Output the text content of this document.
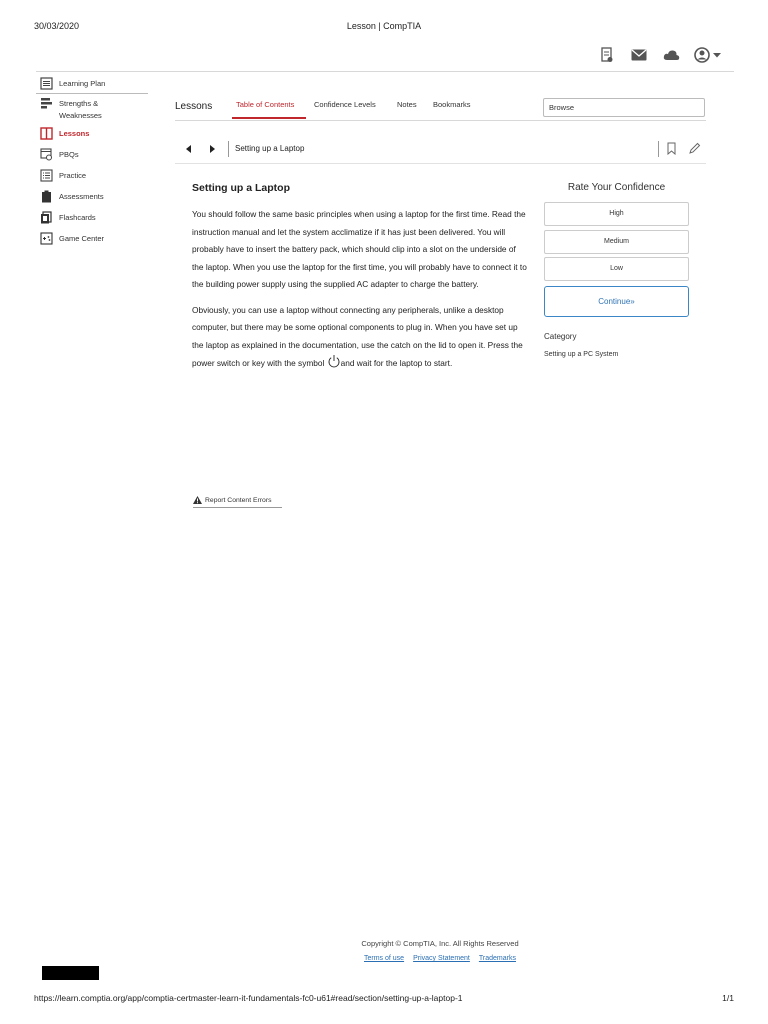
30/03/2020	Lesson | CompTIA
Learning Plan
Strengths & Weaknesses
Lessons
PBQs
Practice
Assessments
Flashcards
Game Center
Lessons	Table of Contents	Confidence Levels	Notes Bookmarks	Browse
Setting up a Laptop
Setting up a Laptop

You should follow the same basic principles when using a laptop for the first time. Read the instruction manual and let the system acclimatize if it has just been delivered. You will probably have to insert the battery pack, which should clip into a slot on the underside of the laptop. When you use the laptop for the first time, you will probably have to connect it to the building power supply using the supplied AC adapter to charge the battery.

Obviously, you can use a laptop without connecting any peripherals, unlike a desktop computer, but there may be some optional components to plug in. When you have set up the laptop as explained in the documentation, use the catch on the lid to open it. Press the power switch or key with the symbol and wait for the laptop to start.

Report Content Errors
Rate Your Confidence
High
Medium
Low
Continue»
Category
Setting up a PC System
Copyright © CompTIA, Inc. All Rights Reserved
Terms of use Privacy Statement Trademarks
https://learn.comptia.org/app/comptia-certmaster-learn-it-fundamentals-fc0-u61#read/section/setting-up-a-laptop-1	1/1
